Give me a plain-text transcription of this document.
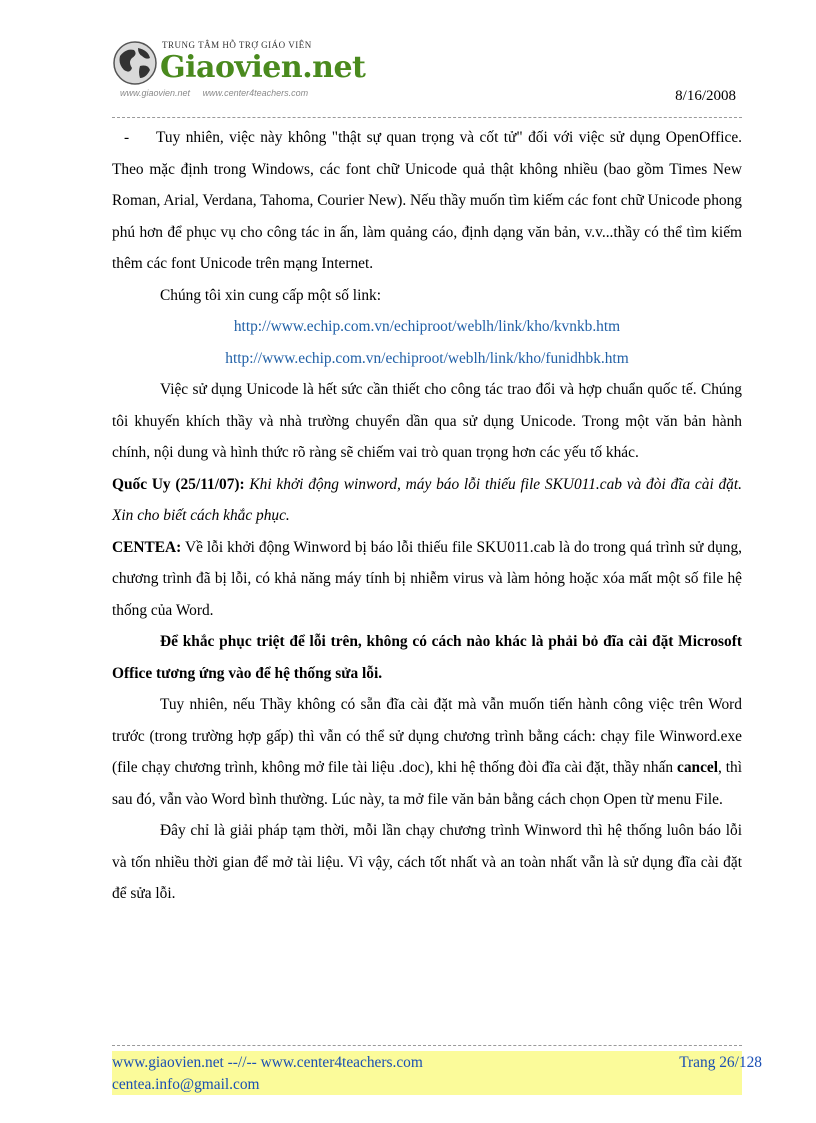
TRUNG TÂM HỖ TRỢ GIÁO VIÊN
Giaovien.net
www.giaovien.net www.center4teachers.com	8/16/2008

- Tuy nhiên, việc này không "thật sự quan trọng và cốt tử" đối với việc sử dụng OpenOffice. Theo mặc định trong Windows, các font chữ Unicode quả thật không nhiều (bao gồm Times New Roman, Arial, Verdana, Tahoma, Courier New). Nếu thầy muốn tìm kiếm các font chữ Unicode phong phú hơn để phục vụ cho công tác in ấn, làm quảng cáo, định dạng văn bản, v.v...thầy có thể tìm kiếm thêm các font Unicode trên mạng Internet.

Chúng tôi xin cung cấp một số link:

http://www.echip.com.vn/echiproot/weblh/link/kho/kvnkb.htm

http://www.echip.com.vn/echiproot/weblh/link/kho/funidhbk.htm

Việc sử dụng Unicode là hết sức cần thiết cho công tác trao đổi và hợp chuẩn quốc tế. Chúng tôi khuyến khích thầy và nhà trường chuyển dần qua sử dụng Unicode. Trong một văn bản hành chính, nội dung và hình thức rõ ràng sẽ chiếm vai trò quan trọng hơn các yếu tố khác.

Quốc Uy (25/11/07): Khi khởi động winword, máy báo lỗi thiếu file SKU011.cab và đòi đĩa cài đặt. Xin cho biết cách khắc phục.

CENTEA: Về lỗi khởi động Winword bị báo lỗi thiếu file SKU011.cab là do trong quá trình sử dụng, chương trình đã bị lỗi, có khả năng máy tính bị nhiễm virus và làm hỏng hoặc xóa mất một số file hệ thống của Word.

Để khắc phục triệt để lỗi trên, không có cách nào khác là phải bỏ đĩa cài đặt Microsoft Office tương ứng vào để hệ thống sửa lỗi.

Tuy nhiên, nếu Thầy không có sẵn đĩa cài đặt mà vẫn muốn tiến hành công việc trên Word trước (trong trường hợp gấp) thì vẫn có thể sử dụng chương trình bằng cách: chạy file Winword.exe (file chạy chương trình, không mở file tài liệu .doc), khi hệ thống đòi đĩa cài đặt, thầy nhấn cancel, thì sau đó, vẫn vào Word bình thường. Lúc này, ta mở file văn bản bằng cách chọn Open từ menu File.

Đây chỉ là giải pháp tạm thời, mỗi lần chạy chương trình Winword thì hệ thống luôn báo lỗi và tốn nhiều thời gian để mở tài liệu. Vì vậy, cách tốt nhất và an toàn nhất vẫn là sử dụng đĩa cài đặt để sửa lỗi.

www.giaovien.net --//-- www.center4teachers.com
centea.info@gmail.com
Trang 26/128
